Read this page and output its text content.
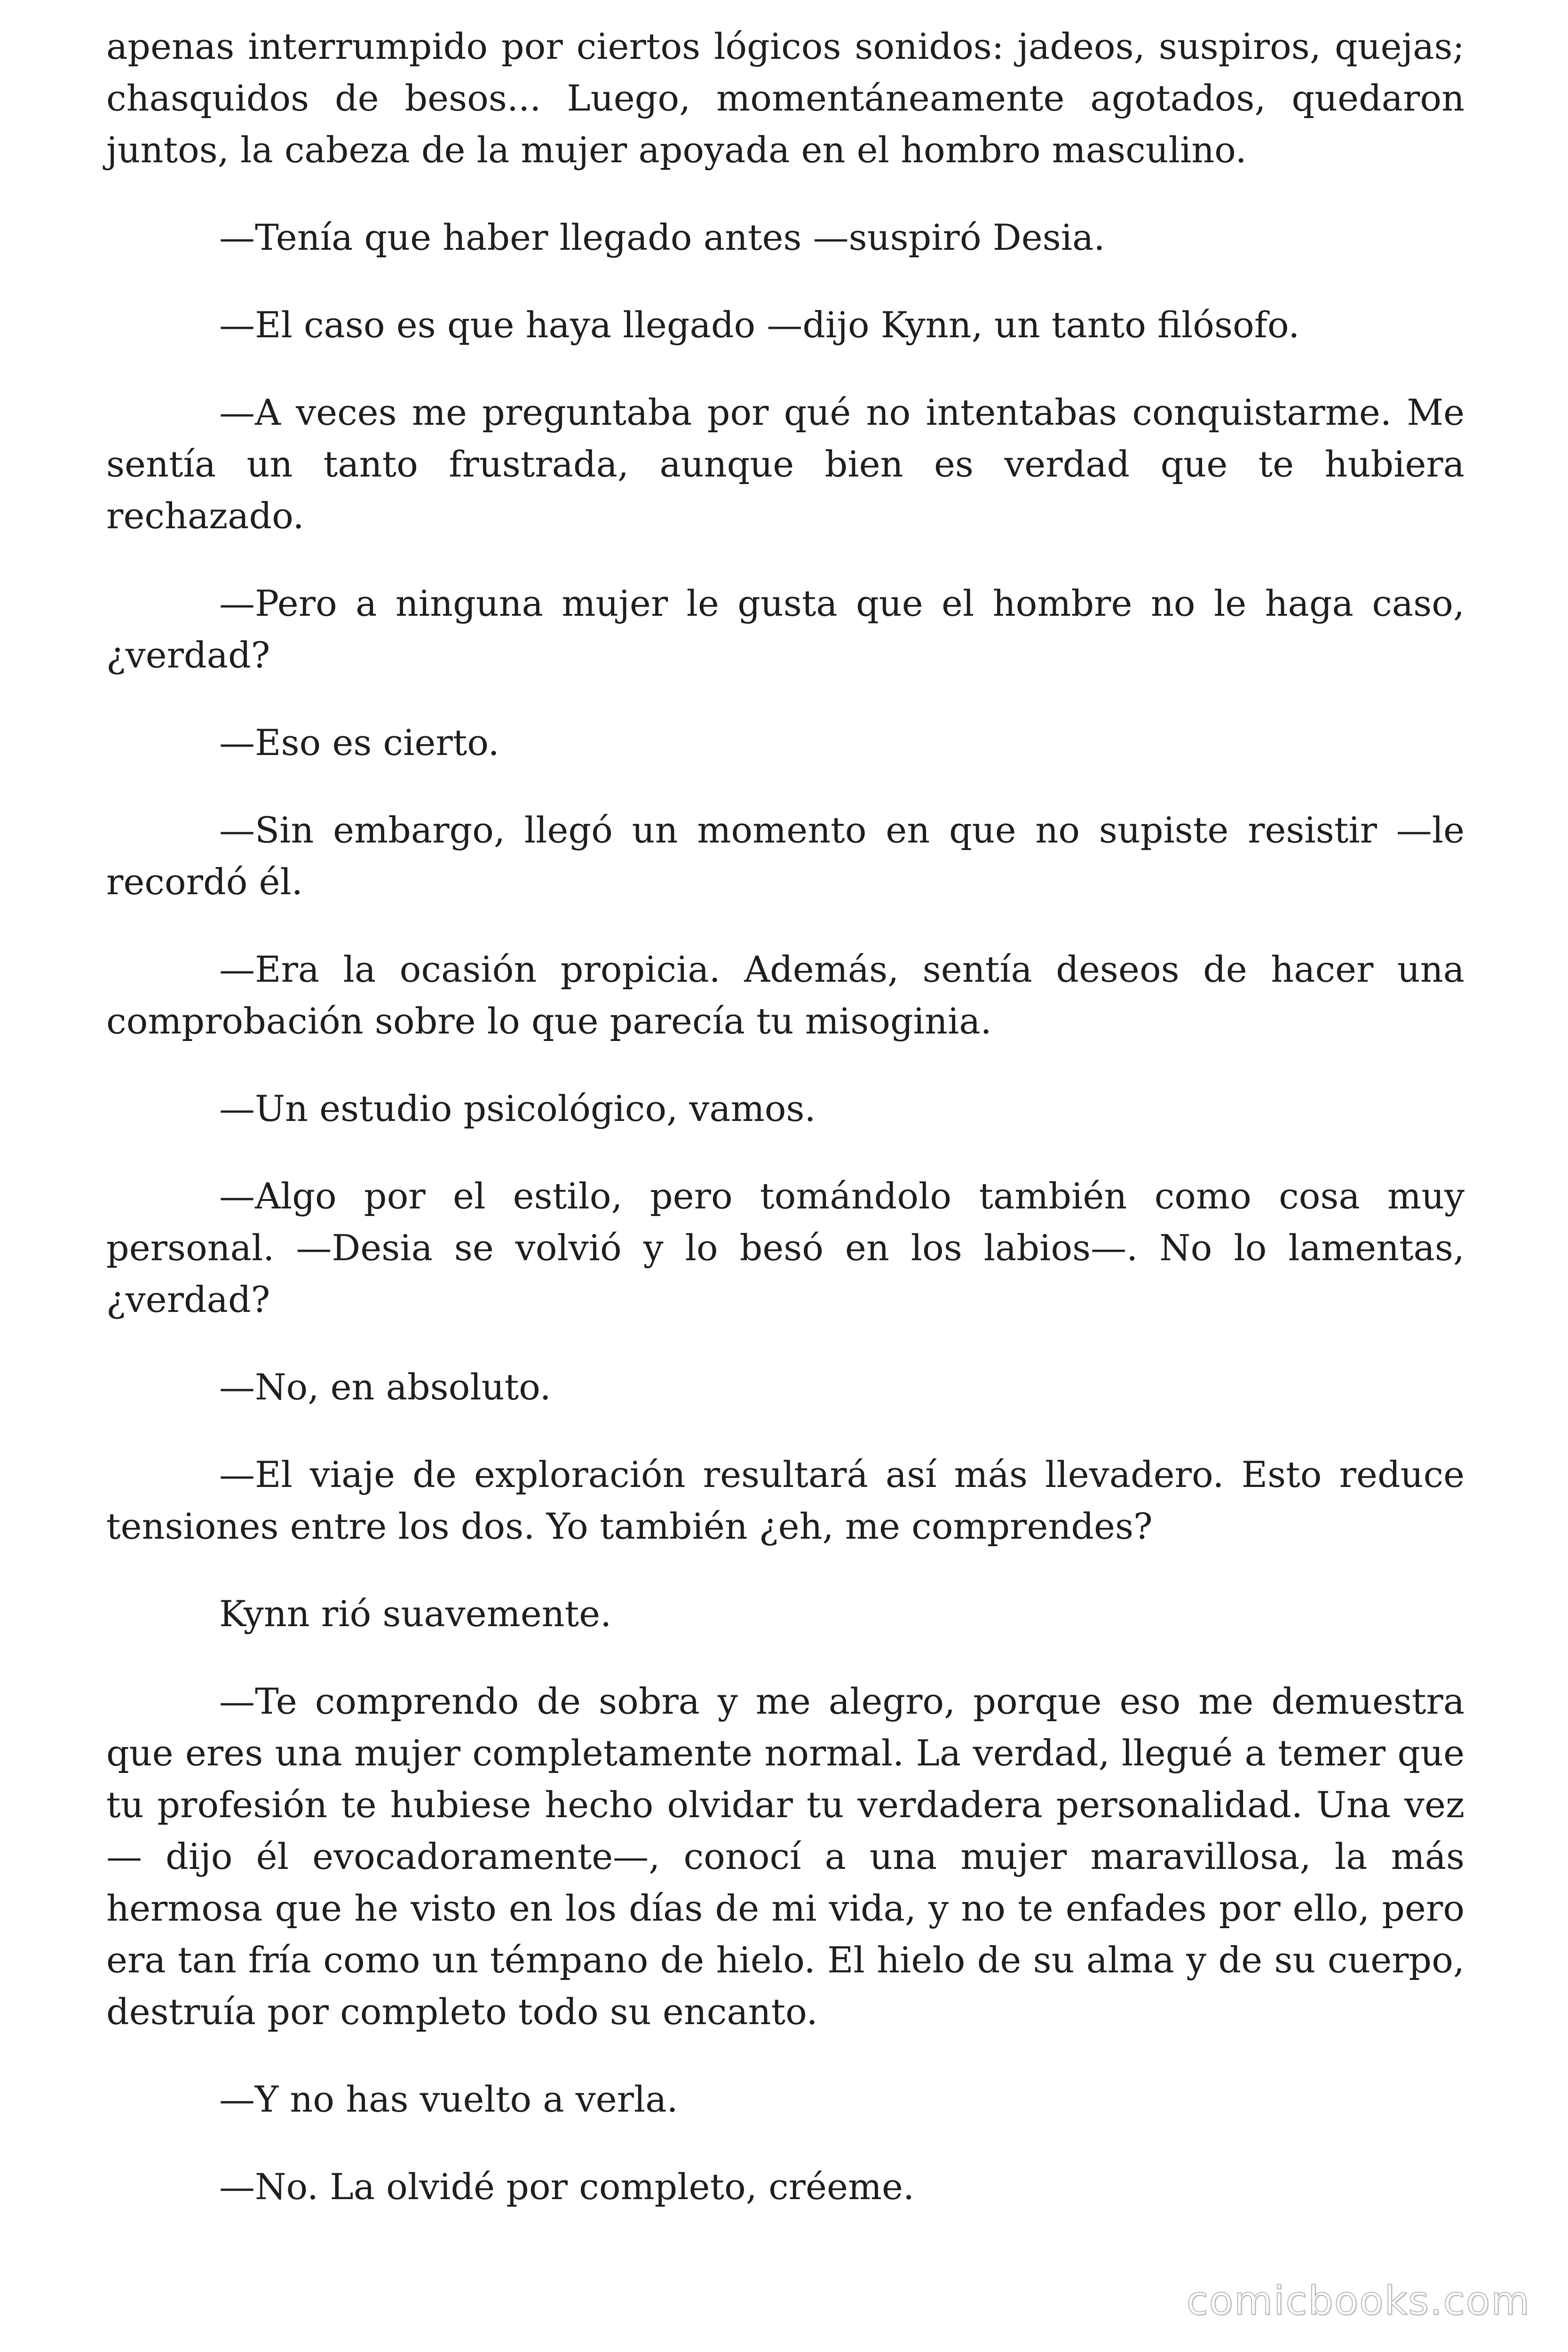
apenas interrumpido por ciertos lógicos sonidos: jadeos, suspiros, quejas; chasquidos de besos... Luego, momentáneamente agotados, quedaron juntos, la cabeza de la mujer apoyada en el hombro masculino.

—Tenía que haber llegado antes —suspiró Desia.

—El caso es que haya llegado —dijo Kynn, un tanto filósofo.

—A veces me preguntaba por qué no intentabas conquistarme. Me sentía un tanto frustrada, aunque bien es verdad que te hubiera rechazado.

—Pero a ninguna mujer le gusta que el hombre no le haga caso, ¿verdad?

—Eso es cierto.

—Sin embargo, llegó un momento en que no supiste resistir —le recordó él.

—Era la ocasión propicia. Además, sentía deseos de hacer una comprobación sobre lo que parecía tu misoginia.

—Un estudio psicológico, vamos.

—Algo por el estilo, pero tomándolo también como cosa muy personal. —Desia se volvió y lo besó en los labios—. No lo lamentas, ¿verdad?

—No, en absoluto.

—El viaje de exploración resultará así más llevadero. Esto reduce tensiones entre los dos. Yo también ¿eh, me comprendes?

Kynn rió suavemente.

—Te comprendo de sobra y me alegro, porque eso me demuestra que eres una mujer completamente normal. La verdad, llegué a temer que tu profesión te hubiese hecho olvidar tu verdadera personalidad. Una vez — dijo él evocadoramente—, conocí a una mujer maravillosa, la más hermosa que he visto en los días de mi vida, y no te enfades por ello, pero era tan fría como un témpano de hielo. El hielo de su alma y de su cuerpo, destruía por completo todo su encanto.

—Y no has vuelto a verla.

—No. La olvidé por completo, créeme.

comicbooks.com
